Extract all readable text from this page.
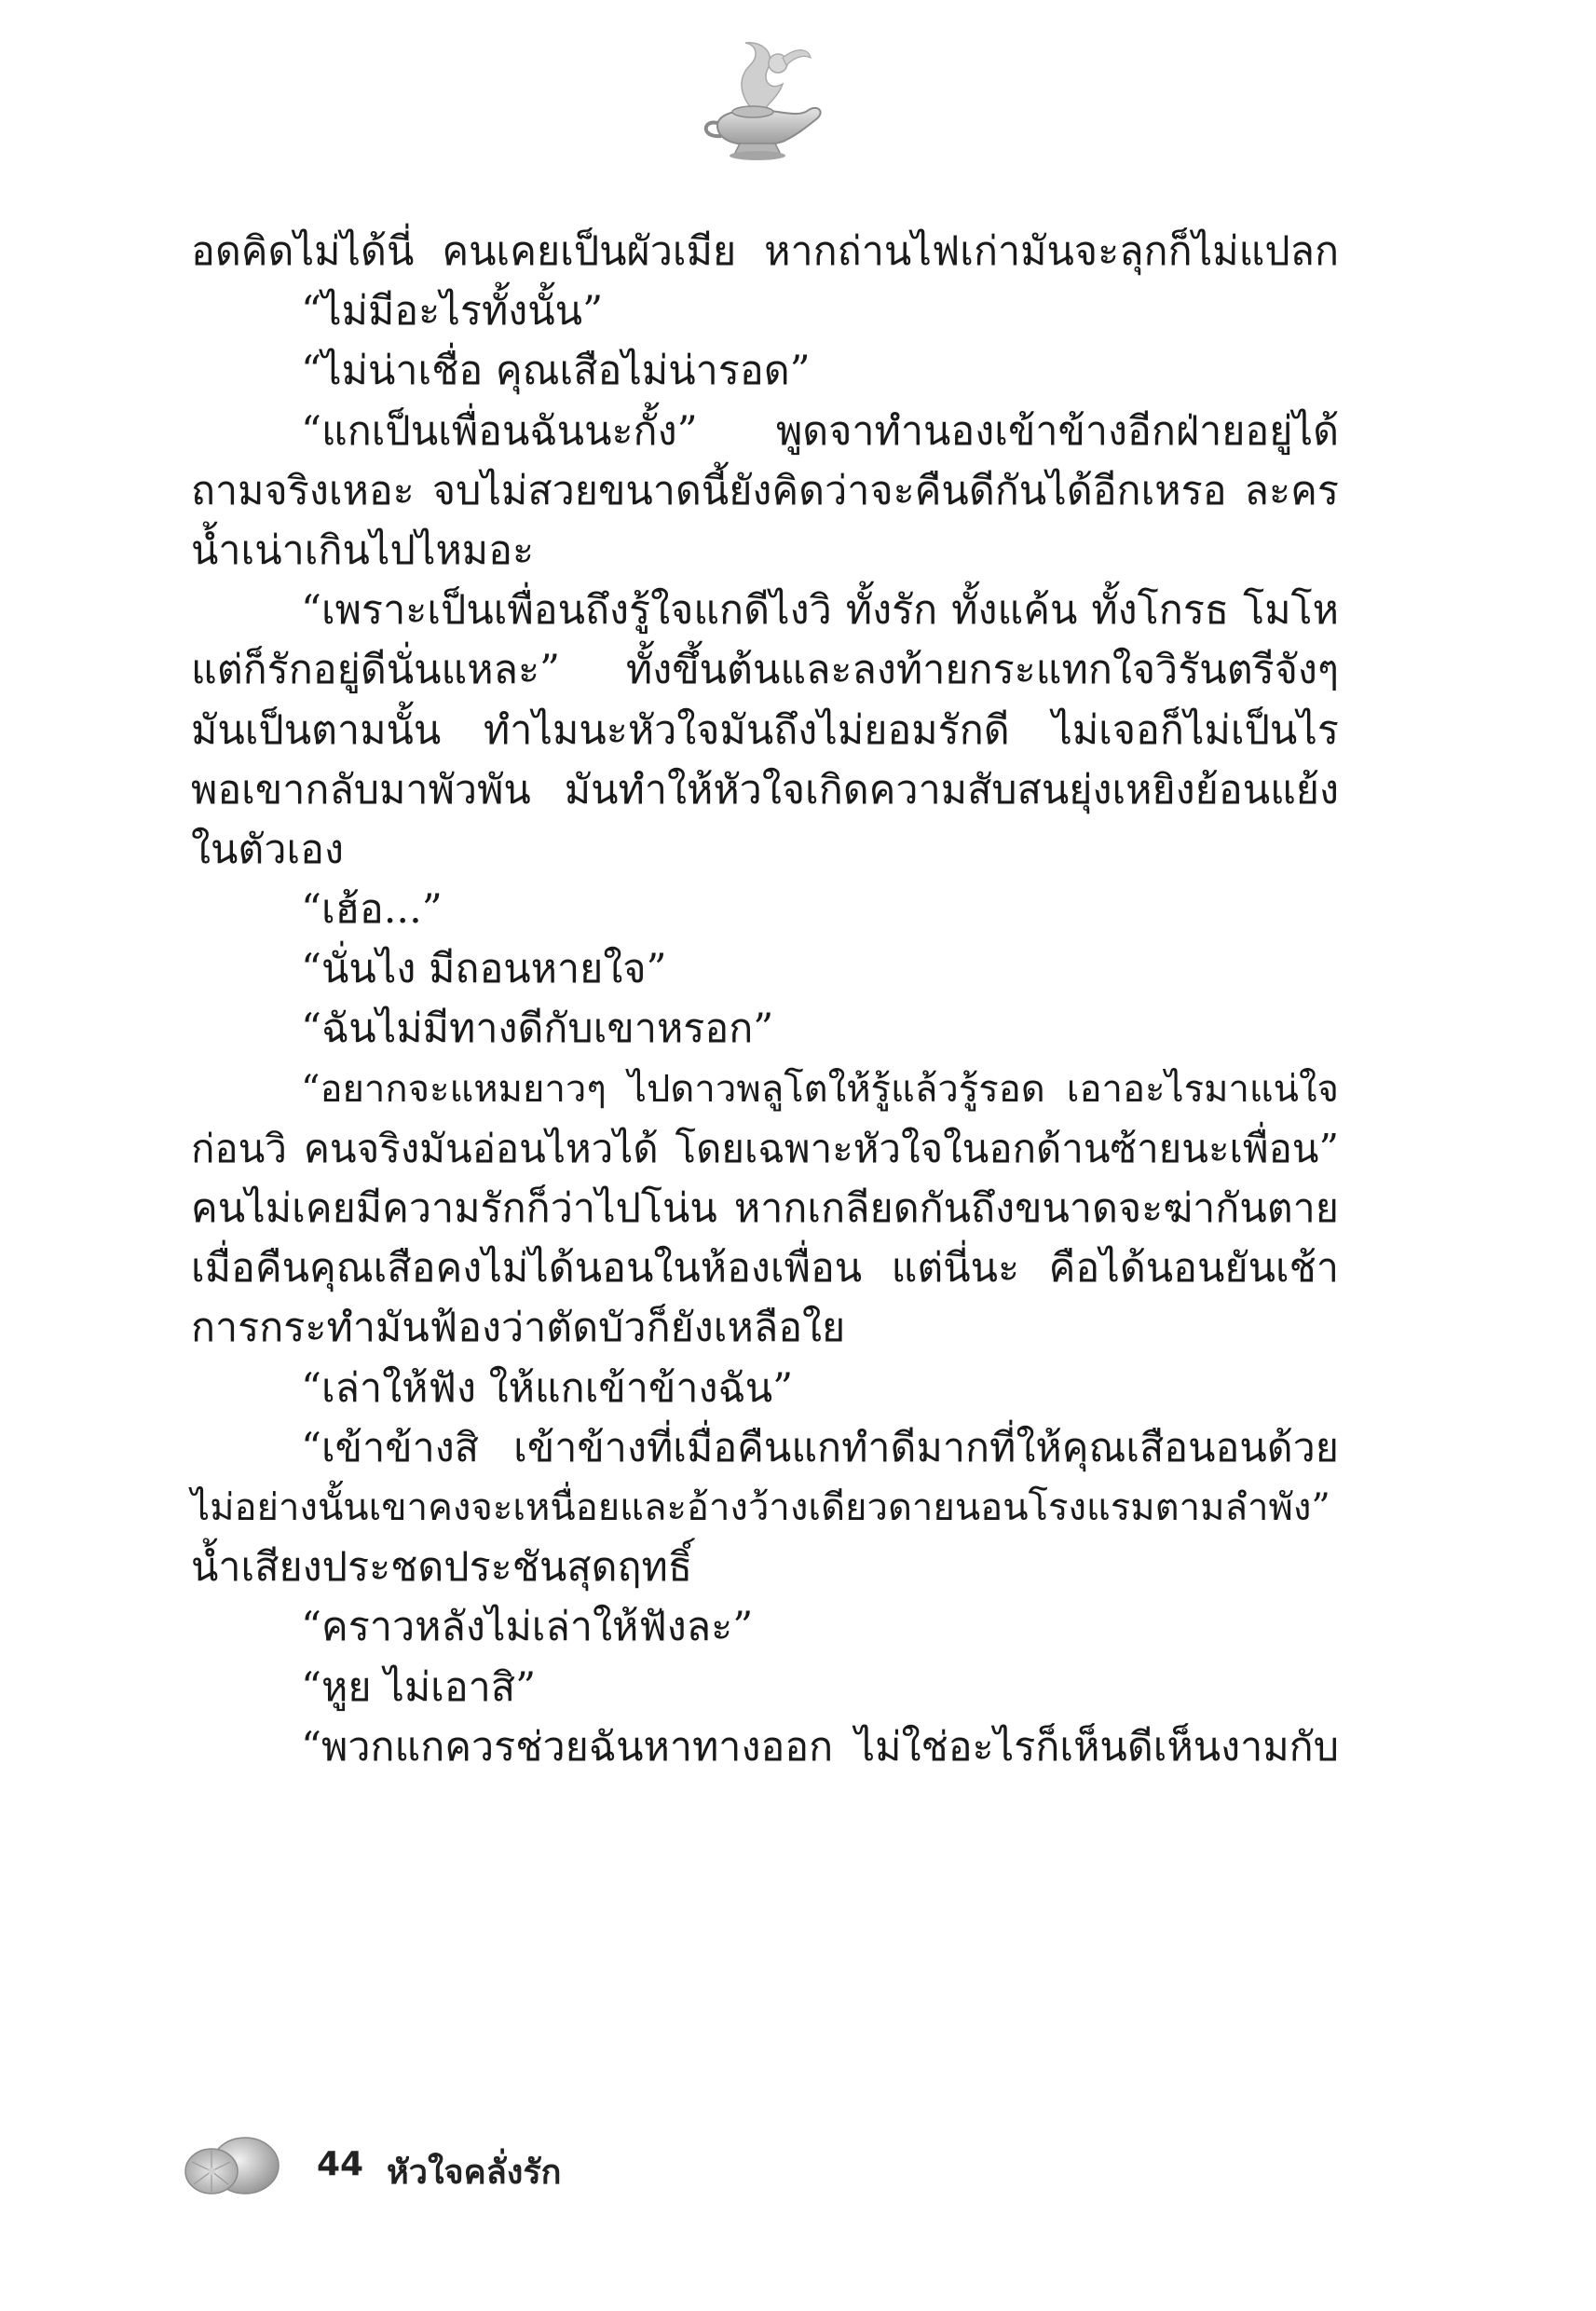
อดคิดไม่ได้นี่ คนเคยเป็นผัวเมีย หากถ่านไฟเก่ามันจะลุกก็ไม่แปลก
“ไม่มีอะไรทั้งนั้น”
“ไม่น่าเชื่อ คุณเสือไม่น่ารอด”
“แกเป็นเพื่อนฉันนะกั้ง” พูดจาทำนองเข้าข้างอีกฝ่ายอยู่ได้
ถามจริงเหอะ จบไม่สวยขนาดนี้ยังคิดว่าจะคืนดีกันได้อีกเหรอ ละคร
น้ำเน่าเกินไปไหมอะ
“เพราะเป็นเพื่อนถึงรู้ใจแกดีไงวิ ทั้งรัก ทั้งแค้น ทั้งโกรธ โมโห
แต่ก็รักอยู่ดีนั่นแหละ” ทั้งขึ้นต้นและลงท้ายกระแทกใจวิรันตรีจังๆ
มันเป็นตามนั้น ทำไมนะหัวใจมันถึงไม่ยอมรักดี ไม่เจอก็ไม่เป็นไร
พอเขากลับมาพัวพัน มันทำให้หัวใจเกิดความสับสนยุ่งเหยิงย้อนแย้ง
ในตัวเอง
“เฮ้อ...”
“นั่นไง มีถอนหายใจ”
“ฉันไม่มีทางดีกับเขาหรอก”
“อยากจะแหมยาวๆ ไปดาวพลูโตให้รู้แล้วรู้รอด เอาอะไรมาแน่ใจ
ก่อนวิ คนจริงมันอ่อนไหวได้ โดยเฉพาะหัวใจในอกด้านซ้ายนะเพื่อน”
คนไม่เคยมีความรักก็ว่าไปโน่น หากเกลียดกันถึงขนาดจะฆ่ากันตาย
เมื่อคืนคุณเสือคงไม่ได้นอนในห้องเพื่อน แต่นี่นะ คือได้นอนยันเช้า
การกระทำมันฟ้องว่าตัดบัวก็ยังเหลือใย
“เล่าให้ฟัง ให้แกเข้าข้างฉัน”
“เข้าข้างสิ เข้าข้างที่เมื่อคืนแกทำดีมากที่ให้คุณเสือนอนด้วย
ไม่อย่างนั้นเขาคงจะเหนื่อยและอ้างว้างเดียวดายนอนโรงแรมตามลำพัง”
น้ำเสียงประชดประชันสุดฤทธิ์
“คราวหลังไม่เล่าให้ฟังละ”
“หูย ไม่เอาสิ”
“พวกแกควรช่วยฉันหาทางออก ไม่ใช่อะไรก็เห็นดีเห็นงามกับ
44 หัวใจคลั่งรัก
